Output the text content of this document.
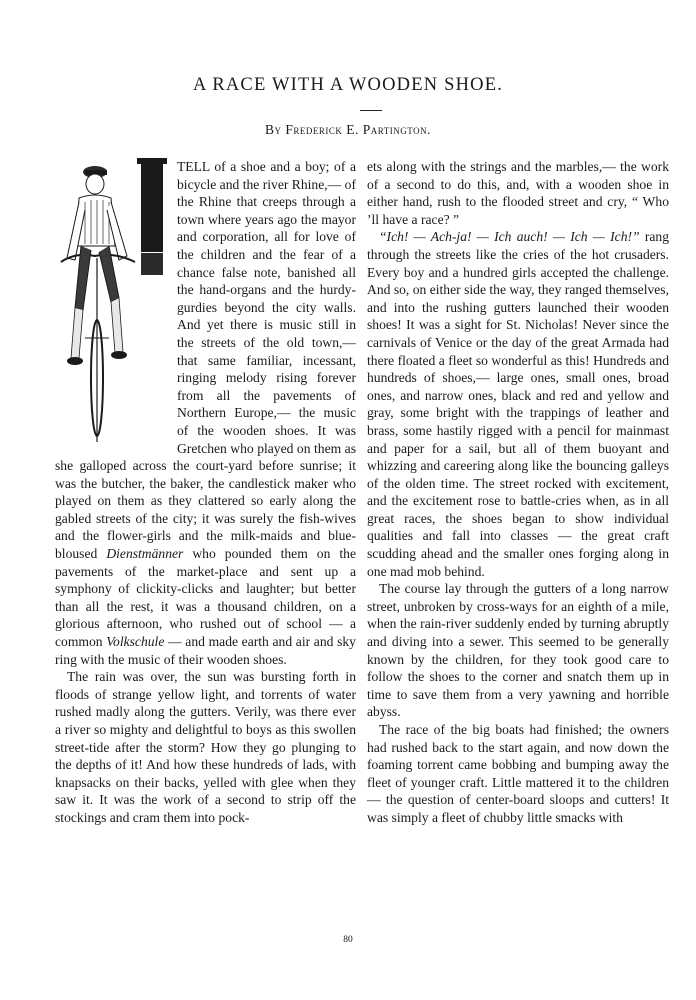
A RACE WITH A WOODEN SHOE.
By Frederick E. Partington.

TELL of a shoe and a boy; of a bicycle and the river Rhine,— of the Rhine that creeps through a town where years ago the mayor and corporation, all for love of the children and the fear of a chance false note, banished all the hand-organs and the hurdy-gurdies beyond the city walls. And yet there is music still in the streets of the old town,— that same familiar, incessant, ringing melody rising forever from all the pavements of Northern Europe,— the music of the wooden shoes. It was Gretchen who played on them as she galloped across the court-yard before sunrise; it was the butcher, the baker, the candlestick maker who played on them as they clattered so early along the gabled streets of the city; it was surely the fish-wives and the flower-girls and the milk-maids and blue-bloused Dienstmänner who pounded them on the pavements of the market-place and sent up a symphony of clickity-clicks and laughter; but better than all the rest, it was a thousand children, on a glorious afternoon, who rushed out of school — a common Volkschule — and made earth and air and sky ring with the music of their wooden shoes.

The rain was over, the sun was bursting forth in floods of strange yellow light, and torrents of water rushed madly along the gutters. Verily, was there ever a river so mighty and delightful to boys as this swollen street-tide after the storm? How they go plunging to the depths of it! And how these hundreds of lads, with knapsacks on their backs, yelled with glee when they saw it. It was the work of a second to strip off the stockings and cram them into pock-

ets along with the strings and the marbles,— the work of a second to do this, and, with a wooden shoe in either hand, rush to the flooded street and cry, “ Who ’ll have a race? ”

“Ich! — Ach-ja! — Ich auch! — Ich — Ich!” rang through the streets like the cries of the hot crusaders. Every boy and a hundred girls accepted the challenge. And so, on either side the way, they ranged themselves, and into the rushing gutters launched their wooden shoes! It was a sight for St. Nicholas! Never since the carnivals of Venice or the day of the great Armada had there floated a fleet so wonderful as this! Hundreds and hundreds of shoes,— large ones, small ones, broad ones, and narrow ones, black and red and yellow and gray, some bright with the trappings of leather and brass, some hastily rigged with a pencil for mainmast and paper for a sail, but all of them buoyant and whizzing and careering along like the bouncing galleys of the olden time. The street rocked with excitement, and the excitement rose to battle-cries when, as in all great races, the shoes began to show individual qualities and fall into classes — the great craft scudding ahead and the smaller ones forging along in one mad mob behind.

The course lay through the gutters of a long narrow street, unbroken by cross-ways for an eighth of a mile, when the rain-river suddenly ended by turning abruptly and diving into a sewer. This seemed to be generally known by the children, for they took good care to follow the shoes to the corner and snatch them up in time to save them from a very yawning and horrible abyss.

The race of the big boats had finished; the owners had rushed back to the start again, and now down the foaming torrent came bobbing and bumping away the fleet of younger craft. Little mattered it to the children — the question of center-board sloops and cutters! It was simply a fleet of chubby little smacks with

80
